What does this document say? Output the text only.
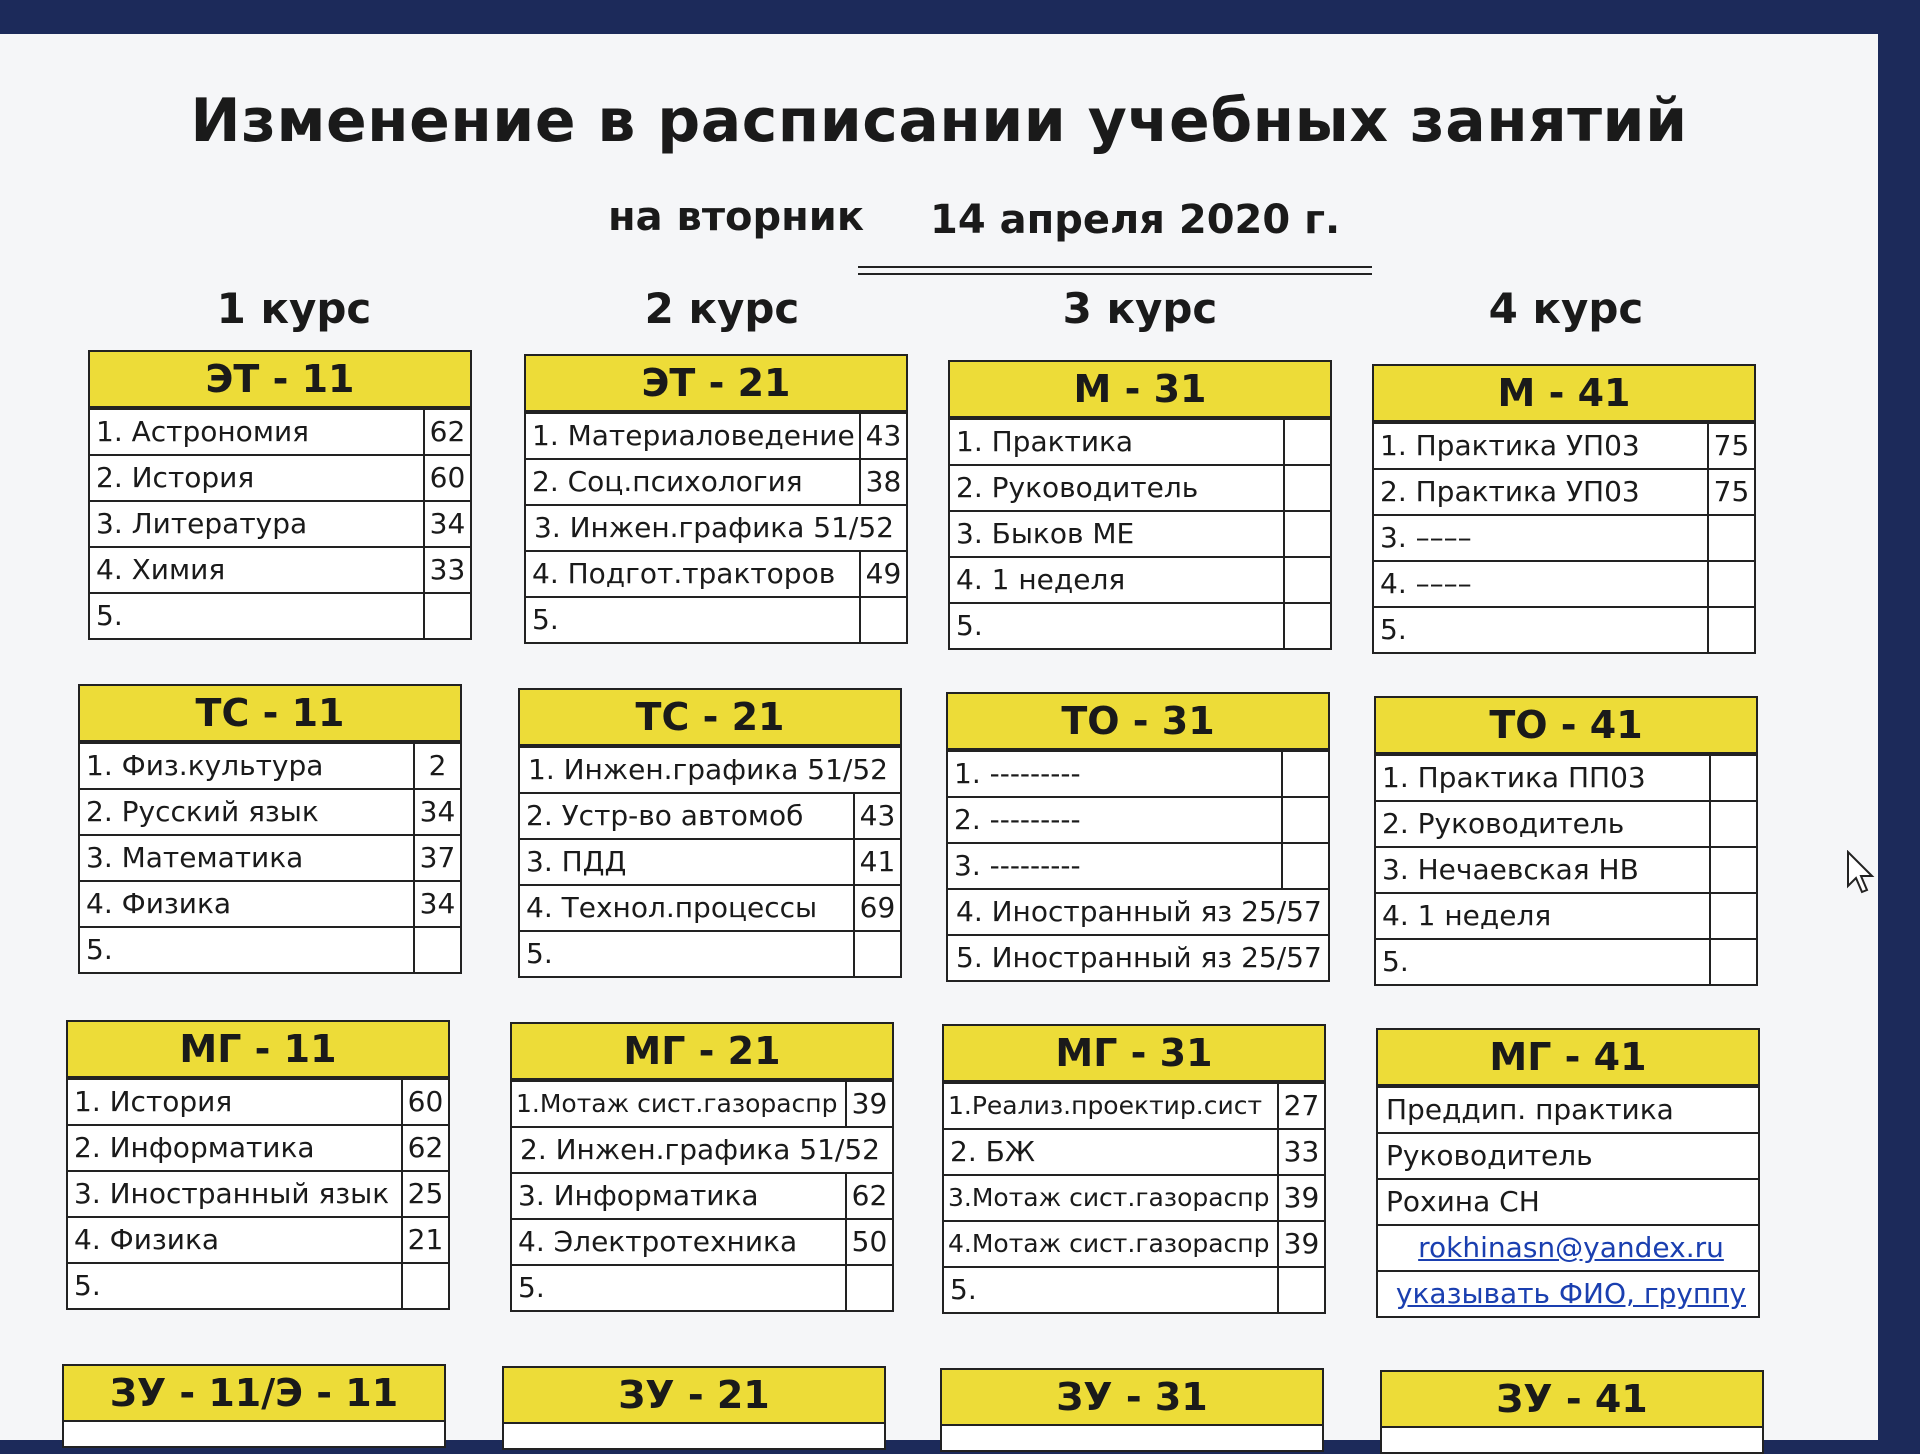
Изменение в расписании учебных занятий
на вторник 14 апреля 2020 г.
1 курс	2 курс	3 курс	4 курс
ЭТ - 11
1. Астрономия	62
2. История	60
3. Литература	34
4. Химия	33
5.
ЭТ - 21
1. Материаловедение 43
2. Соц.психология	38
3. Инжен.графика 51/52
4. Подгот.тракторов	49
5.
М - 31
1. Практика
2. Руководитель
3. Быков МЕ
4. 1 неделя
5.
М - 41
1. Практика УП03	75
2. Практика УП03	75
3. ––––
4. ––––
5.
ТС - 11
1. Физ.культура	2
2. Русский язык	34
3. Математика	37
4. Физика	34
5.
ТС - 21
1. Инжен.графика 51/52
2. Устр-во автомоб	43
3. ПДД	41
4. Технол.процессы	69
5.
ТО - 31
1. ---------
2. ---------
3. ---------
4. Иностранный яз 25/57
5. Иностранный яз 25/57
ТО - 41
1. Практика ПП03
2. Руководитель
3. Нечаевская НВ
4. 1 неделя
5.
МГ - 11
1. История	60
2. Информатика	62
3. Иностранный язык 25
4. Физика	21
5.
МГ - 21
1.Мотаж сист.газораспр 39
2. Инжен.графика 51/52
3. Информатика	62
4. Электротехника	50
5.
МГ - 31
1.Реализ.проектир.сист 27
2. БЖ	33
3.Мотаж сист.газораспр 39
4.Мотаж сист.газораспр 39
5.
МГ - 41
Преддип. практика
Руководитель
Рохина СН
rokhinasn@yandex.ru
указывать ФИО, группу
ЗУ - 11/Э - 11	ЗУ - 21	ЗУ - 31	ЗУ - 41
